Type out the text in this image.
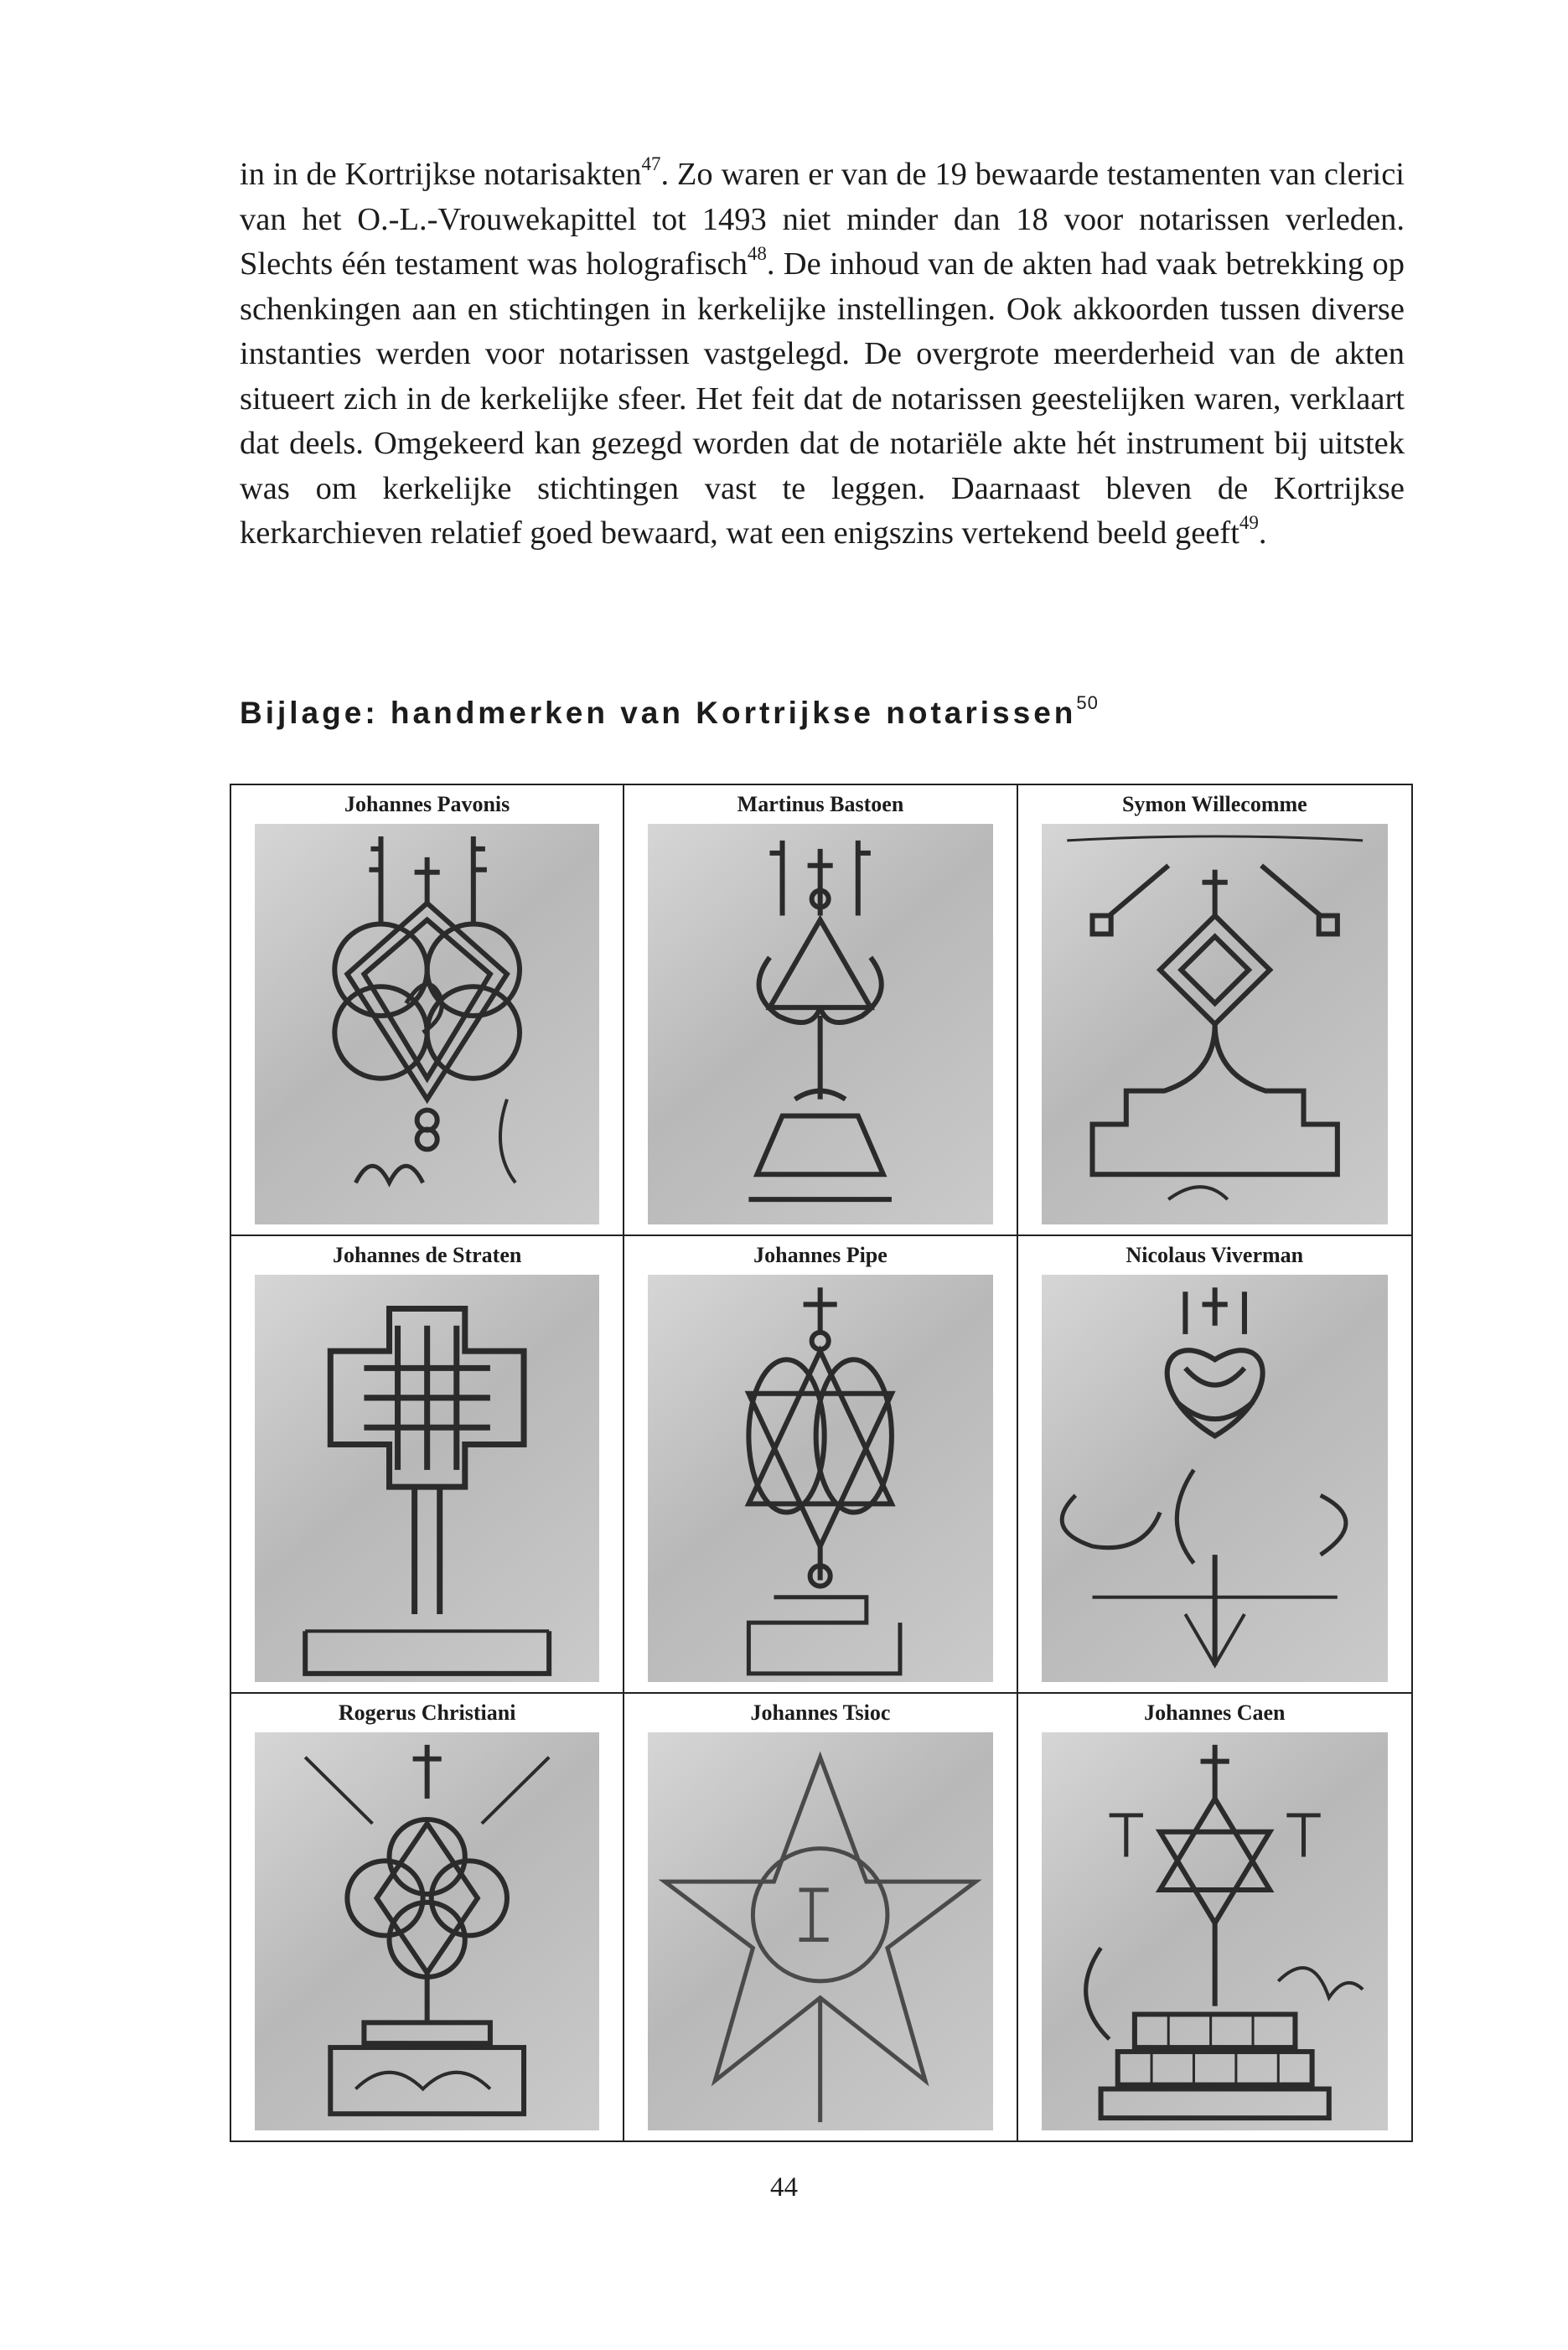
in in de Kortrijkse notarisakten$^{47}$. Zo waren er van de 19 bewaarde testamenten van clerici van het O.-L.-Vrouwekapittel tot 1493 niet minder dan 18 voor notarissen verleden. Slechts één testament was holografisch$^{48}$. De inhoud van de akten had vaak betrekking op schenkingen aan en stichtingen in kerkelijke instellingen. Ook akkoorden tussen diverse instanties werden voor notarissen vastgelegd. De overgrote meerderheid van de akten situeert zich in de kerkelijke sfeer. Het feit dat de notarissen geestelijken waren, verklaart dat deels. Omgekeerd kan gezegd worden dat de notariële akte hét instrument bij uitstek was om kerkelijke stichtingen vast te leggen. Daarnaast bleven de Kortrijkse kerkarchieven relatief goed bewaard, wat een enigszins vertekend beeld geeft$^{49}$.

Bijlage: handmerken van Kortrijkse notarissen$^{50}$

Johannes Pavonis	Martinus Bastoen	Symon Willecomme

Johannes de Straten	Johannes Pipe	Nicolaus Viverman

Rogerus Christiani	Johannes Tsioc	Johannes Caen

44
